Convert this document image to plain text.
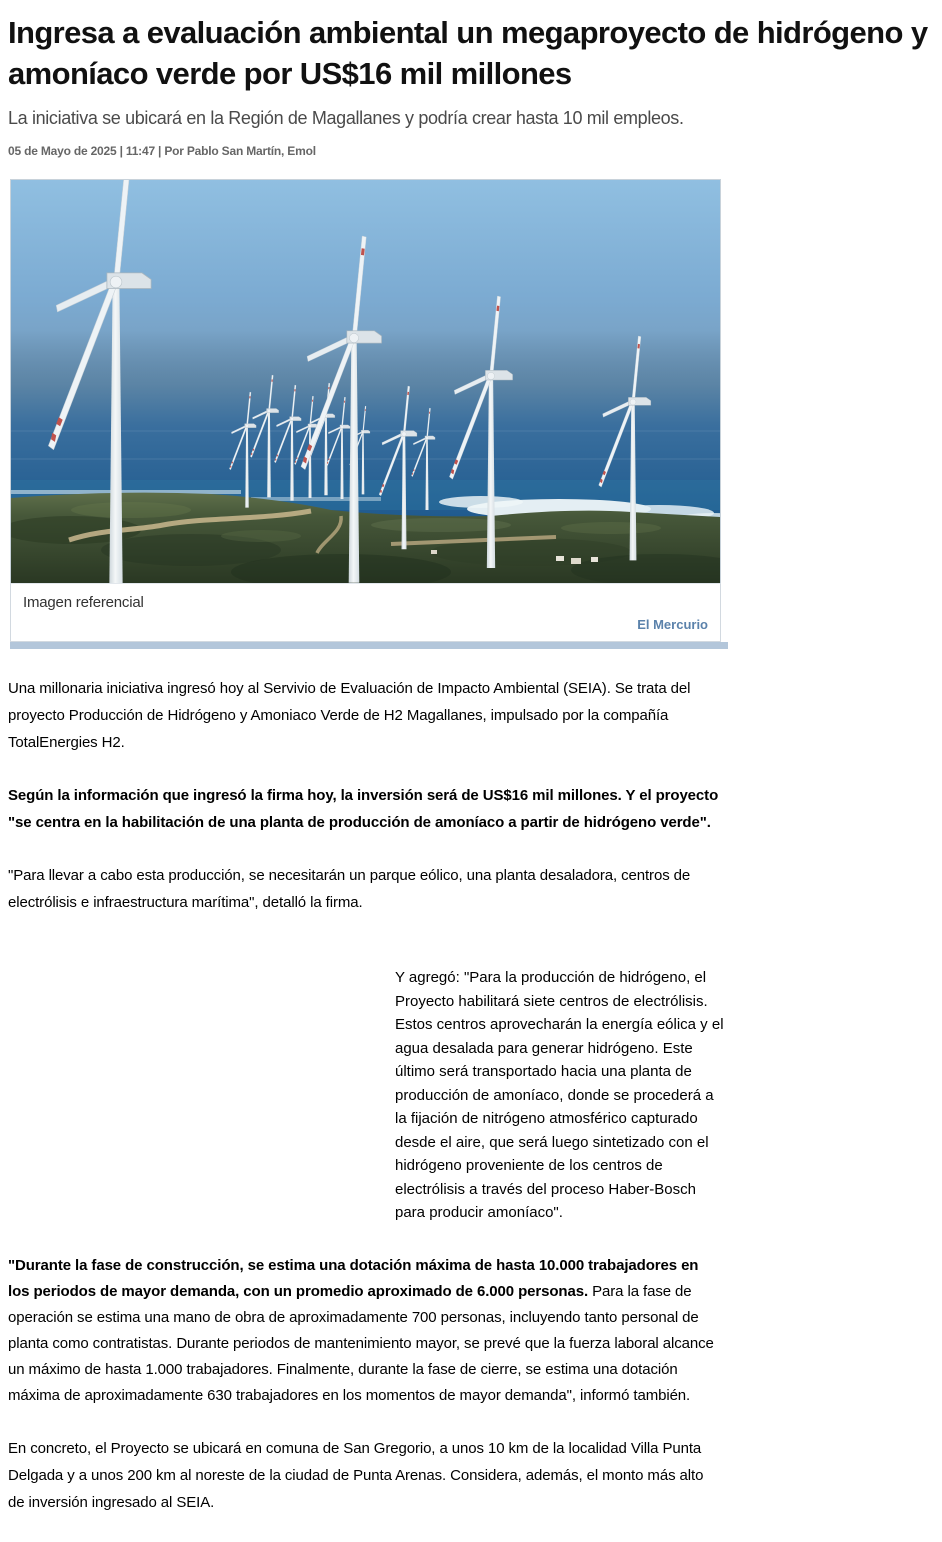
Ingresa a evaluación ambiental un megaproyecto de hidrógeno y amoníaco verde por US$16 mil millones
La iniciativa se ubicará en la Región de Magallanes y podría crear hasta 10 mil empleos.
05 de Mayo de 2025 | 11:47 | Por Pablo San Martín, Emol
Imagen referencial
El Mercurio

Una millonaria iniciativa ingresó hoy al Servivio de Evaluación de Impacto Ambiental (SEIA). Se trata del proyecto Producción de Hidrógeno y Amoniaco Verde de H2 Magallanes, impulsado por la compañía TotalEnergies H2.

Según la información que ingresó la firma hoy, la inversión será de US$16 mil millones. Y el proyecto "se centra en la habilitación de una planta de producción de amoníaco a partir de hidrógeno verde".

"Para llevar a cabo esta producción, se necesitarán un parque eólico, una planta desaladora, centros de electrólisis e infraestructura marítima", detalló la firma.

Y agregó: "Para la producción de hidrógeno, el Proyecto habilitará siete centros de electrólisis. Estos centros aprovecharán la energía eólica y el agua desalada para generar hidrógeno. Este último será transportado hacia una planta de producción de amoníaco, donde se procederá a la fijación de nitrógeno atmosférico capturado desde el aire, que será luego sintetizado con el hidrógeno proveniente de los centros de electrólisis a través del proceso Haber-Bosch para producir amoníaco".

"Durante la fase de construcción, se estima una dotación máxima de hasta 10.000 trabajadores en los periodos de mayor demanda, con un promedio aproximado de 6.000 personas. Para la fase de operación se estima una mano de obra de aproximadamente 700 personas, incluyendo tanto personal de planta como contratistas. Durante periodos de mantenimiento mayor, se prevé que la fuerza laboral alcance un máximo de hasta 1.000 trabajadores. Finalmente, durante la fase de cierre, se estima una dotación máxima de aproximadamente 630 trabajadores en los momentos de mayor demanda", informó también.

En concreto, el Proyecto se ubicará en comuna de San Gregorio, a unos 10 km de la localidad Villa Punta Delgada y a unos 200 km al noreste de la ciudad de Punta Arenas. Considera, además, el monto más alto de inversión ingresado al SEIA.
